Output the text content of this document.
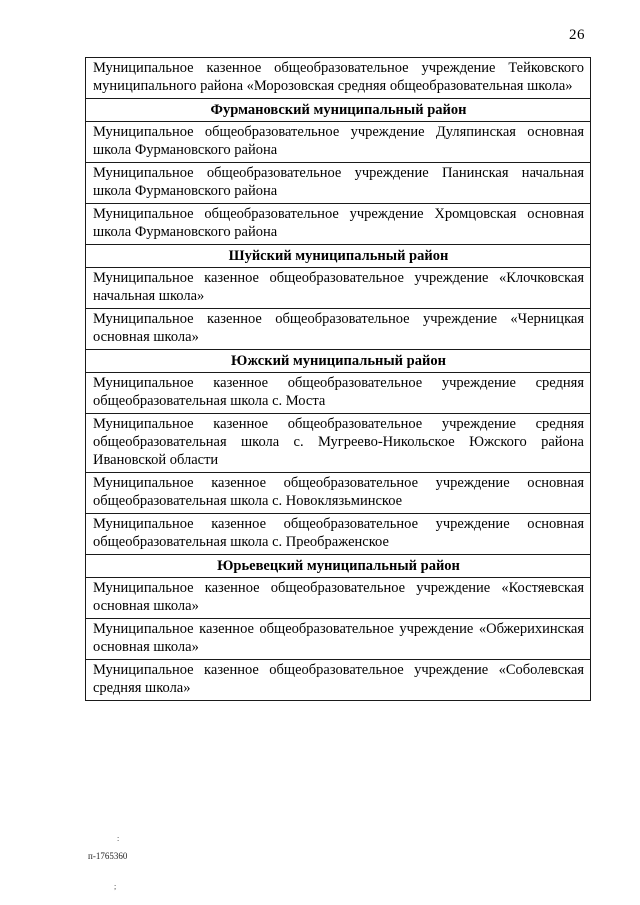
26
Муниципальное казенное общеобразовательное учреждение Тейковского муниципального района «Морозовская средняя общеобразовательная школа»
Фурмановский муниципальный район
Муниципальное общеобразовательное учреждение Дуляпинская основная школа Фурмановского района
Муниципальное общеобразовательное учреждение Панинская начальная школа Фурмановского района
Муниципальное общеобразовательное учреждение Хромцовская основная школа Фурмановского района
Шуйский муниципальный район
Муниципальное казенное общеобразовательное учреждение «Клочковская начальная школа»
Муниципальное казенное общеобразовательное учреждение «Черницкая основная школа»
Южский муниципальный район
Муниципальное казенное общеобразовательное учреждение средняя общеобразовательная школа с. Моста
Муниципальное казенное общеобразовательное учреждение средняя общеобразовательная школа с. Мугреево-Никольское Южского района Ивановской области
Муниципальное казенное общеобразовательное учреждение основная общеобразовательная школа с. Новоклязьминское
Муниципальное казенное общеобразовательное учреждение основная общеобразовательная школа с. Преображенское
Юрьевецкий муниципальный район
Муниципальное казенное общеобразовательное учреждение «Костяевская основная школа»
Муниципальное казенное общеобразовательное учреждение «Обжерихинская основная школа»
Муниципальное казенное общеобразовательное учреждение «Соболевская средняя школа»
:
п-1765360
;
